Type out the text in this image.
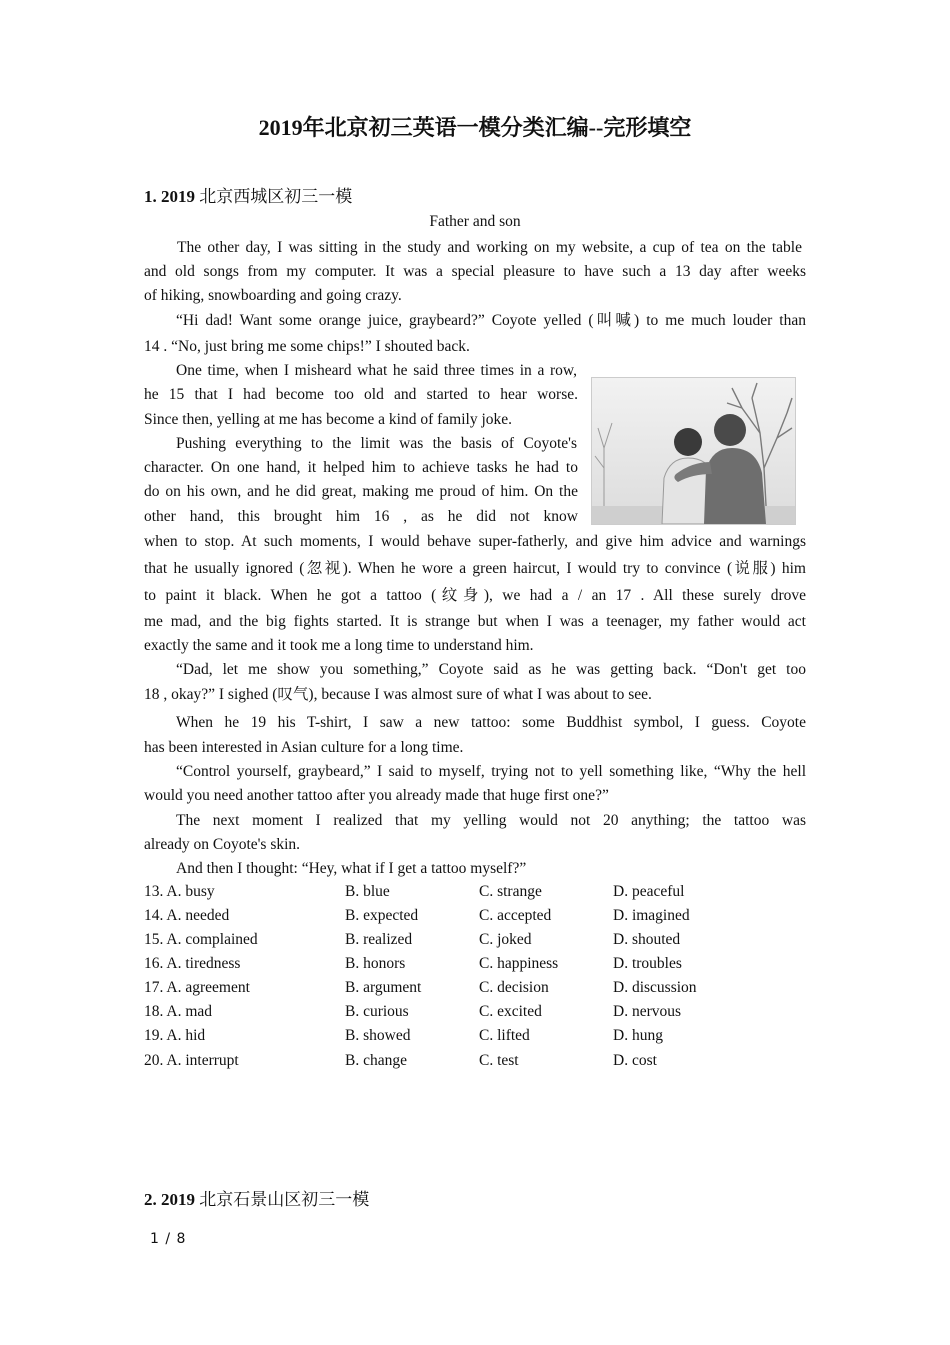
2019年北京初三英语一模分类汇编--完形填空
1. 2019 北京西城区初三一模
Father and son
The other day, I was sitting in the study and working on my website, a cup of tea on the table
and old songs from my computer. It was a special pleasure to have such a 13 day after weeks
of hiking, snowboarding and going crazy.
“Hi dad! Want some orange juice, graybeard?” Coyote yelled (叫喊) to me much louder than
14 . “No, just bring me some chips!” I shouted back.
One time, when I misheard what he said three times in a row,
he 15 that I had become too old and started to hear worse.
Since then, yelling at me has become a kind of family joke.
Pushing everything to the limit was the basis of Coyote's
character. On one hand, it helped him to achieve tasks he had to
do on his own, and he did great, making me proud of him. On the
other hand, this brought him 16 , as he did not know
when to stop. At such moments, I would behave super-fatherly, and give him advice and warnings
that he usually ignored (忽视). When he wore a green haircut, I would try to convince (说服) him
to paint it black. When he got a tattoo (纹身), we had a / an 17 . All these surely drove
me mad, and the big fights started. It is strange but when I was a teenager, my father would act
exactly the same and it took me a long time to understand him.
“Dad, let me show you something,” Coyote said as he was getting back. “Don't get too
18 , okay?” I sighed (叹气), because I was almost sure of what I was about to see.
When he 19 his T-shirt, I saw a new tattoo: some Buddhist symbol, I guess. Coyote
has been interested in Asian culture for a long time.
“Control yourself, graybeard,” I said to myself, trying not to yell something like, “Why the hell
would you need another tattoo after you already made that huge first one?”
The next moment I realized that my yelling would not 20 anything; the tattoo was
already on Coyote's skin.
And then I thought: “Hey, what if I get a tattoo myself?”
13. A. busy	B. blue	C. strange	D. peaceful
14. A. needed	B. expected	C. accepted	D. imagined
15. A. complained	B. realized	C. joked	D. shouted
16. A. tiredness	B. honors	C. happiness	D. troubles
17. A. agreement	B. argument	C. decision	D. discussion
18. A. mad	B. curious	C. excited	D. nervous
19. A. hid	B. showed	C. lifted	D. hung
20. A. interrupt	B. change	C. test	D. cost
2. 2019 北京石景山区初三一模
1 / 8
